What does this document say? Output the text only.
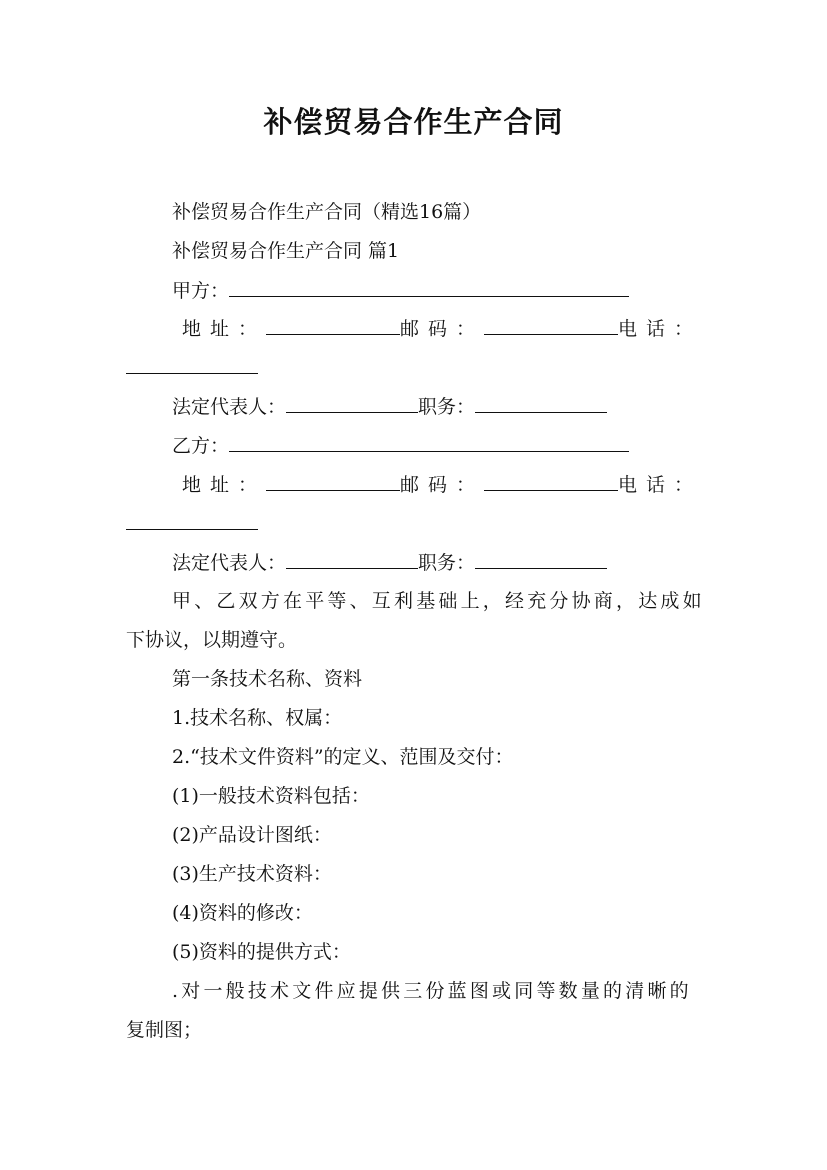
补偿贸易合作生产合同
补偿贸易合作生产合同（精选16篇）
补偿贸易合作生产合同 篇1
甲方：
地址：	邮码：	电话：
法定代表人：	职务：
乙方：
地址：	邮码：	电话：
法定代表人：	职务：
甲、乙双方在平等、互利基础上，经充分协商，达成如
下协议，以期遵守。
第一条技术名称、资料
1.技术名称、权属：
2.“技术文件资料”的定义、范围及交付：
(1)一般技术资料包括：
(2)产品设计图纸：
(3)生产技术资料：
(4)资料的修改：
(5)资料的提供方式：
.对一般技术文件应提供三份蓝图或同等数量的清晰的
复制图；
